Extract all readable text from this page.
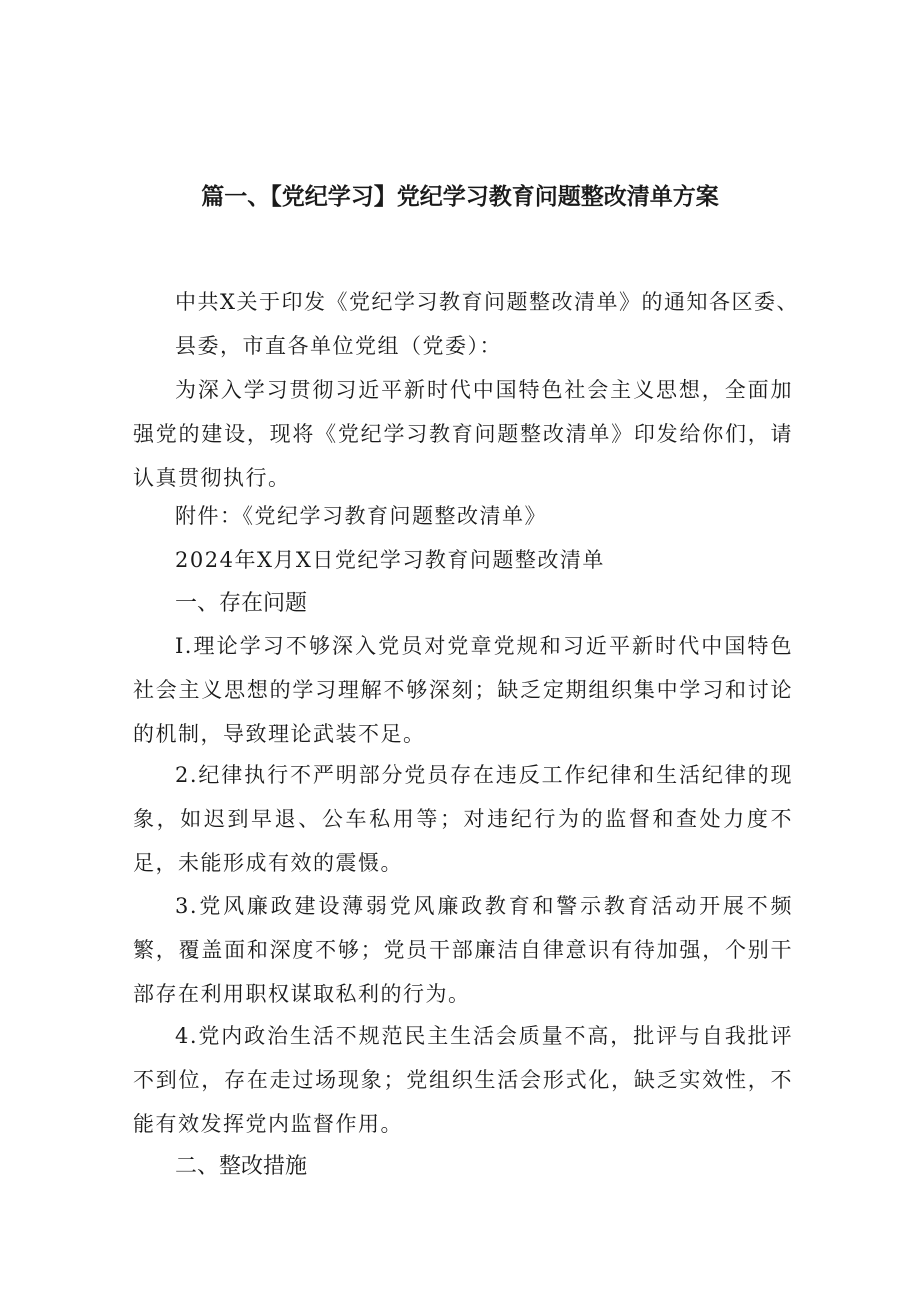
篇一、【党纪学习】党纪学习教育问题整改清单方案
中共X关于印发《党纪学习教育问题整改清单》的通知各区委、
县委，市直各单位党组（党委）：
为深入学习贯彻习近平新时代中国特色社会主义思想，全面加强党的建设，现将《党纪学习教育问题整改清单》印发给你们，请认真贯彻执行。
附件：《党纪学习教育问题整改清单》
2024年X月X日党纪学习教育问题整改清单
一、存在问题
I.理论学习不够深入党员对党章党规和习近平新时代中国特色社会主义思想的学习理解不够深刻；缺乏定期组织集中学习和讨论的机制，导致理论武装不足。
2.纪律执行不严明部分党员存在违反工作纪律和生活纪律的现象，如迟到早退、公车私用等；对违纪行为的监督和查处力度不足，未能形成有效的震慑。
3.党风廉政建设薄弱党风廉政教育和警示教育活动开展不频繁，覆盖面和深度不够；党员干部廉洁自律意识有待加强，个别干部存在利用职权谋取私利的行为。
4.党内政治生活不规范民主生活会质量不高，批评与自我批评不到位，存在走过场现象；党组织生活会形式化，缺乏实效性，不能有效发挥党内监督作用。
二、整改措施
